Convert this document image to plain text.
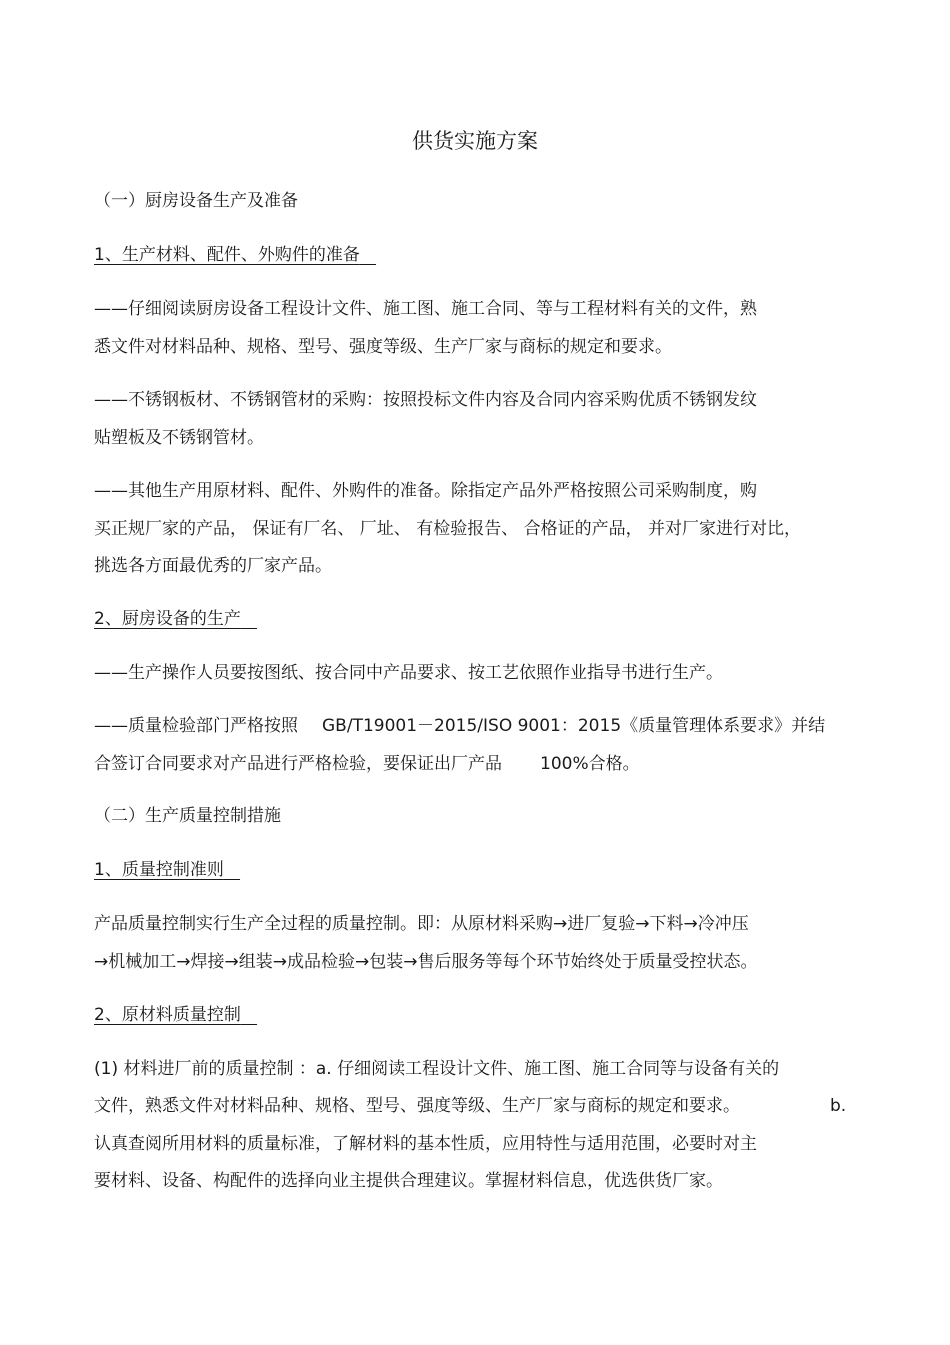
供货实施方案
（一）厨房设备生产及准备
1、生产材料、配件、外购件的准备
——仔细阅读厨房设备工程设计文件、施工图、施工合同、等与工程材料有关的文件，熟
悉文件对材料品种、规格、型号、强度等级、生产厂家与商标的规定和要求。
——不锈钢板材、不锈钢管材的采购：按照投标文件内容及合同内容采购优质不锈钢发纹
贴塑板及不锈钢管材。
——其他生产用原材料、配件、外购件的准备。除指定产品外严格按照公司采购制度，购
买正规厂家的产品， 保证有厂名、 厂址、 有检验报告、 合格证的产品， 并对厂家进行对比，
挑选各方面最优秀的厂家产品。
2、厨房设备的生产
——生产操作人员要按图纸、按合同中产品要求、按工艺依照作业指导书进行生产。
——质量检验部门严格按照 GB/T19001－2015/ISO 9001：2015《质量管理体系要求》并结
合签订合同要求对产品进行严格检验，要保证出厂产品 100%合格。
（二）生产质量控制措施
1、质量控制准则
产品质量控制实行生产全过程的质量控制。即：从原材料采购→进厂复验→下料→冷冲压
→机械加工→焊接→组装→成品检验→包装→售后服务等每个环节始终处于质量受控状态。
2、原材料质量控制
(1) 材料进厂前的质量控制 ：a. 仔细阅读工程设计文件、施工图、施工合同等与设备有关的
文件，熟悉文件对材料品种、规格、型号、强度等级、生产厂家与商标的规定和要求。	b.
认真查阅所用材料的质量标准，了解材料的基本性质，应用特性与适用范围，必要时对主
要材料、设备、构配件的选择向业主提供合理建议。掌握材料信息，优选供货厂家。
